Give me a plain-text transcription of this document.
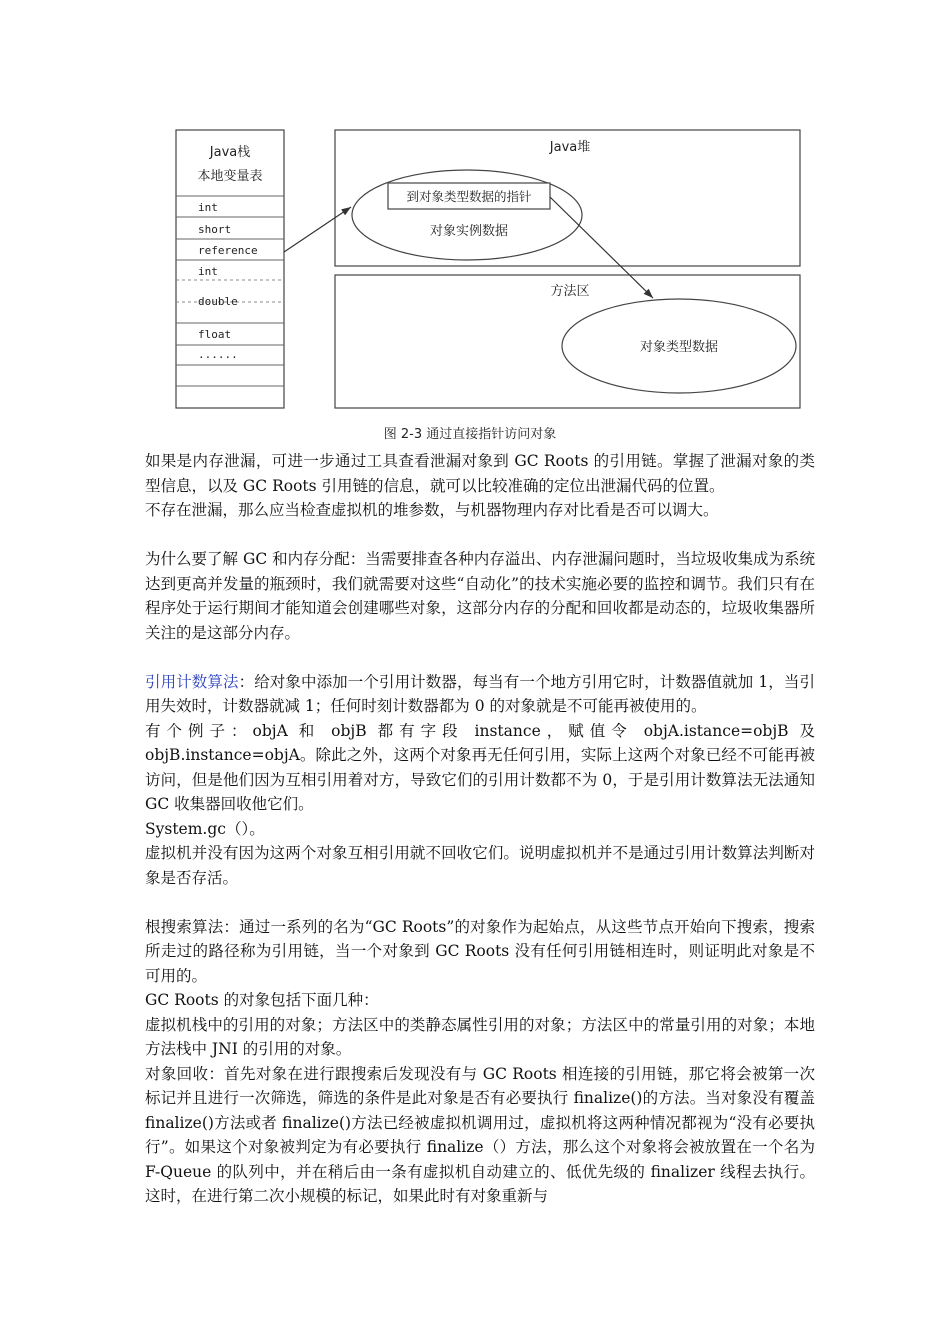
Java栈
本地变量表
int
short
reference
int
double
float
......
Java堆
到对象类型数据的指针
对象实例数据
方法区
对象类型数据
图 2-3 通过直接指针访问对象

如果是内存泄漏，可进一步通过工具查看泄漏对象到 GC Roots 的引用链。掌握了泄漏对象的类型信息，以及 GC Roots 引用链的信息，就可以比较准确的定位出泄漏代码的位置。

不存在泄漏，那么应当检查虚拟机的堆参数，与机器物理内存对比看是否可以调大。

为什么要了解 GC 和内存分配：当需要排查各种内存溢出、内存泄漏问题时，当垃圾收集成为系统达到更高并发量的瓶颈时，我们就需要对这些“自动化”的技术实施必要的监控和调节。我们只有在程序处于运行期间才能知道会创建哪些对象，这部分内存的分配和回收都是动态的，垃圾收集器所关注的是这部分内存。

引用计数算法：给对象中添加一个引用计数器，每当有一个地方引用它时，计数器值就加 1，当引用失效时，计数器就减 1；任何时刻计数器都为 0 的对象就是不可能再被使用的。

有个例子：objA 和 objB 都有字段 instance，赋值令 objA.istance=objB 及 objB.instance=objA。除此之外，这两个对象再无任何引用，实际上这两个对象已经不可能再被访问，但是他们因为互相引用着对方，导致它们的引用计数都不为 0，于是引用计数算法无法通知 GC 收集器回收他它们。

System.gc（）。

虚拟机并没有因为这两个对象互相引用就不回收它们。说明虚拟机并不是通过引用计数算法判断对象是否存活。

根搜索算法：通过一系列的名为“GC Roots”的对象作为起始点，从这些节点开始向下搜索，搜索所走过的路径称为引用链，当一个对象到 GC Roots 没有任何引用链相连时，则证明此对象是不可用的。

GC Roots 的对象包括下面几种：

虚拟机栈中的引用的对象；方法区中的类静态属性引用的对象；方法区中的常量引用的对象；本地方法栈中 JNI 的引用的对象。

对象回收：首先对象在进行跟搜索后发现没有与 GC Roots 相连接的引用链，那它将会被第一次标记并且进行一次筛选，筛选的条件是此对象是否有必要执行 finalize()的方法。当对象没有覆盖 finalize()方法或者 finalize()方法已经被虚拟机调用过，虚拟机将这两种情况都视为“没有必要执行”。如果这个对象被判定为有必要执行 finalize（）方法，那么这个对象将会被放置在一个名为 F-Queue 的队列中，并在稍后由一条有虚拟机自动建立的、低优先级的 finalizer 线程去执行。这时，在进行第二次小规模的标记，如果此时有对象重新与
